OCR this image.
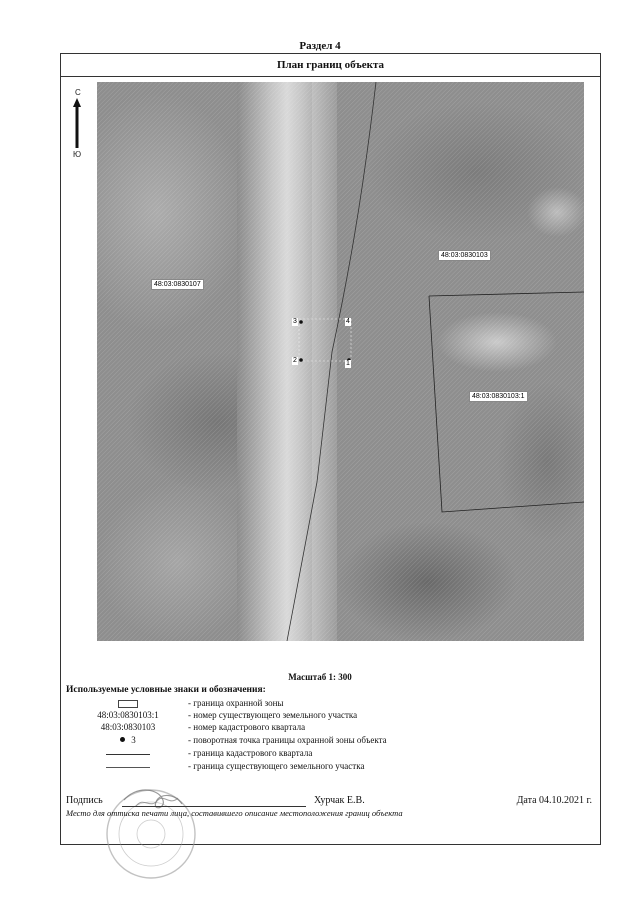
Раздел 4
План границ объекта
С
Ю
48:03:0830107
48:03:0830103
48:03:0830103:1
3	4
1
2
Масштаб 1: 300
Используемые условные знаки и обозначения:
- граница охранной зоны
48:03:0830103:1	- номер существующего земельного участка
48:03:0830103	- номер кадастрового квартала
3	- поворотная точка границы охранной зоны объекта
- граница кадастрового квартала
- граница существующего земельного участка
Подпись	Хурчак Е.В.	Дата 04.10.2021 г.
Место для оттиска печати лица, составившего описание местоположения границ объекта
